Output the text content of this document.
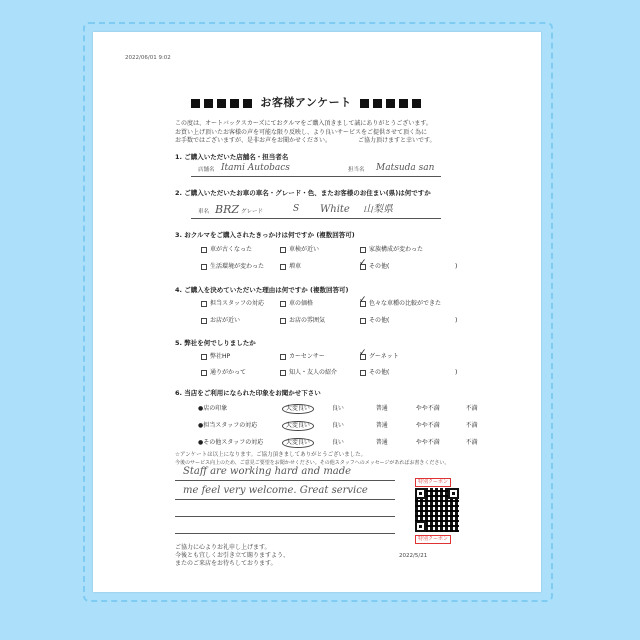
2022/06/01 9:02
お客様アンケート
この度は、オートバックスカーズにておクルマをご購入頂きまして誠にありがとうございます。
お買い上げ頂いたお客様の声を可能な限り反映し、より良いサービスをご提供させて頂く為に
お手数ではございますが、是非お声をお聞かせください。　　　　　ご協力頂けますと幸いです。
1. ご購入いただいた店舗名・担当者名
店舗名 Itami Autobacs	担当名 Matsuda san
2. ご購入いただいたお車の車名・グレード・色、またお客様のお住まい(県)は何ですか
車名 BRZ グレード	S White 山梨県
3. おクルマをご購入されたきっかけは何ですか (複数回答可)
車が古くなった	車検が近い	家族構成が変わった
生活環境が変わった	増車 ✓	その他(	)
4. ご購入を決めていただいた理由は何ですか (複数回答可)
担当スタッフの対応	車の価格 ✓	色々な車種の比較ができた
お店が近い	お店の雰囲気	その他(	)
5. 弊社を何でしりましたか
弊社HP	カーセンサー ✓	グーネット
通りがかって	知人・友人の紹介	その他(	)
6. 当店をご利用になられた印象をお聞かせ下さい
●店の印象	大変良い	良い	普通	やや不満	不満
●担当スタッフの対応	大変良い	良い	普通	やや不満	不満
●その他スタッフの対応	大変良い	良い	普通	やや不満	不満
☆アンケートは以上になります。ご協力頂きましてありがとうございました。
今後のサービス向上のため、ご意見ご要望をお聞かせください。その他スタッフへのメッセージがあればお書きください。
Staff are working hard and made
me feel very welcome. Great service
特別クーポン
特別クーポン
ご協力に心よりお礼申し上げます。
今後とも宜しくお引き立て賜りますよう、
またのご来店をお待ちしております。
2022/5/21
